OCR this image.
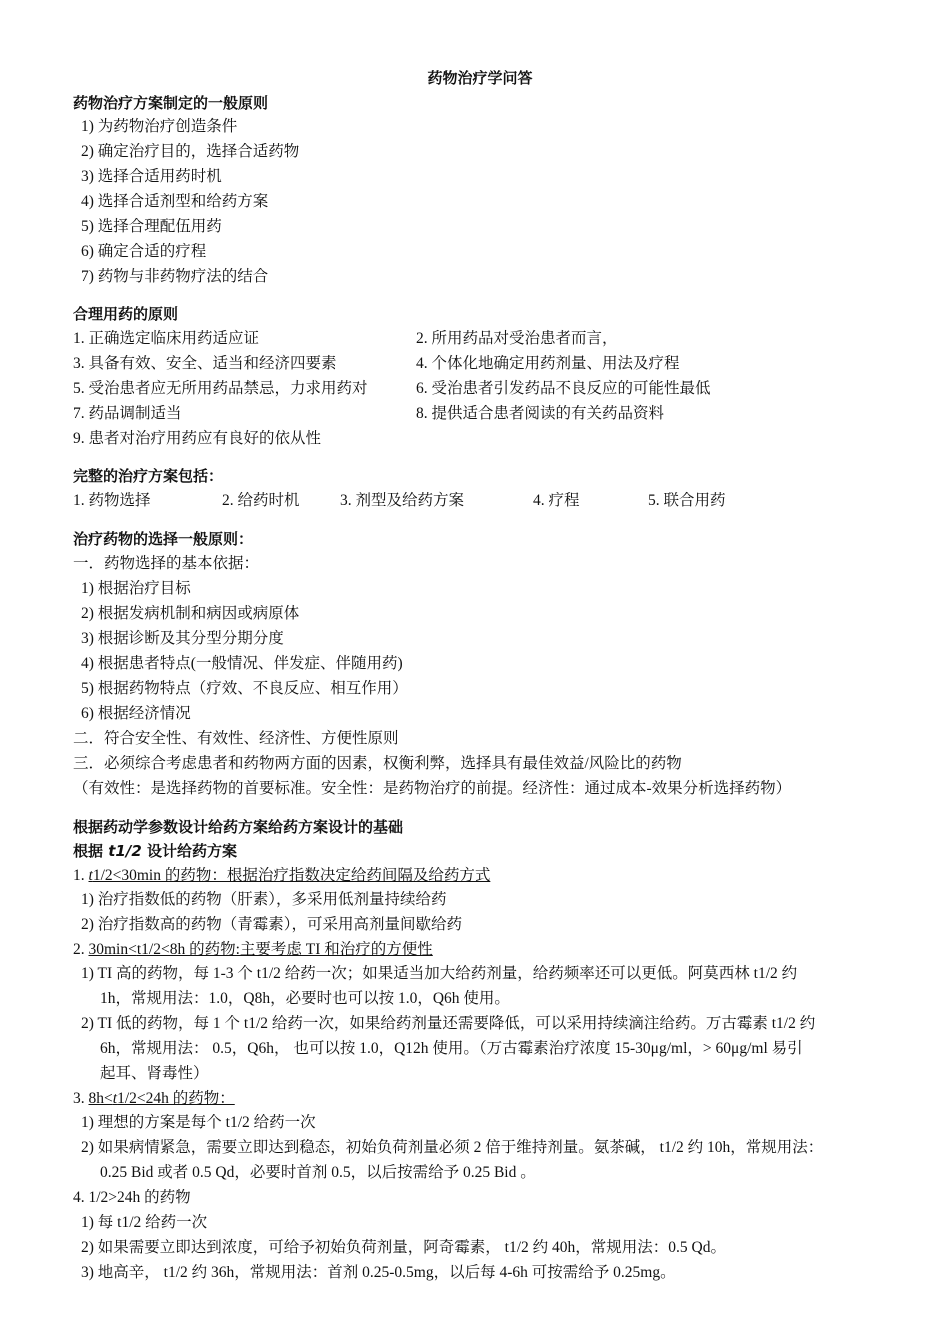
药物治疗学问答
药物治疗方案制定的一般原则
1) 为药物治疗创造条件
2) 确定治疗目的，选择合适药物
3) 选择合适用药时机
4) 选择合适剂型和给药方案
5) 选择合理配伍用药
6) 确定合适的疗程
7) 药物与非药物疗法的结合
合理用药的原则
1. 正确选定临床用药适应证	2. 所用药品对受治患者而言，
3. 具备有效、安全、适当和经济四要素	4. 个体化地确定用药剂量、用法及疗程
5. 受治患者应无所用药品禁忌，力求用药对	6. 受治患者引发药品不良反应的可能性最低
7. 药品调制适当	8. 提供适合患者阅读的有关药品资料
9. 患者对治疗用药应有良好的依从性
完整的治疗方案包括：
1. 药物选择	2. 给药时机	3. 剂型及给药方案	4. 疗程	5. 联合用药
治疗药物的选择一般原则：
一．药物选择的基本依据：
1) 根据治疗目标
2) 根据发病机制和病因或病原体
3) 根据诊断及其分型分期分度
4) 根据患者特点(一般情况、伴发症、伴随用药)
5) 根据药物特点（疗效、不良反应、相互作用）
6) 根据经济情况
二．符合安全性、有效性、经济性、方便性原则
三．必须综合考虑患者和药物两方面的因素，权衡利弊，选择具有最佳效益/风险比的药物
（有效性：是选择药物的首要标准。安全性：是药物治疗的前提。经济性：通过成本-效果分析选择药物）
根据药动学参数设计给药方案给药方案设计的基础
根据 t1/2 设计给药方案
1. t1/2<30min 的药物：根据治疗指数决定给药间隔及给药方式
1) 治疗指数低的药物（肝素），多采用低剂量持续给药
2) 治疗指数高的药物（青霉素），可采用高剂量间歇给药
2. 30min<t1/2<8h 的药物:主要考虑 TI 和治疗的方便性
1) TI 高的药物，每 1-3 个 t1/2 给药一次；如果适当加大给药剂量，给药频率还可以更低。阿莫西林 t1/2 约
1h，常规用法：1.0，Q8h，必要时也可以按 1.0，Q6h 使用。
2) TI 低的药物，每 1 个 t1/2 给药一次，如果给药剂量还需要降低，可以采用持续滴注给药。万古霉素 t1/2 约
6h，常规用法： 0.5，Q6h， 也可以按 1.0，Q12h 使用。（万古霉素治疗浓度 15-30μg/ml，> 60μg/ml 易引
起耳、肾毒性）
3. 8h<t1/2<24h 的药物：
1) 理想的方案是每个 t1/2 给药一次
2) 如果病情紧急，需要立即达到稳态，初始负荷剂量必须 2 倍于维持剂量。氨茶碱， t1/2 约 10h，常规用法：
0.25 Bid 或者 0.5 Qd，必要时首剂 0.5，以后按需给予 0.25 Bid 。
4. 1/2>24h 的药物
1) 每 t1/2 给药一次
2) 如果需要立即达到浓度，可给予初始负荷剂量，阿奇霉素， t1/2 约 40h，常规用法：0.5 Qd。
3) 地高辛， t1/2 约 36h，常规用法：首剂 0.25-0.5mg，以后每 4-6h 可按需给予 0.25mg。
